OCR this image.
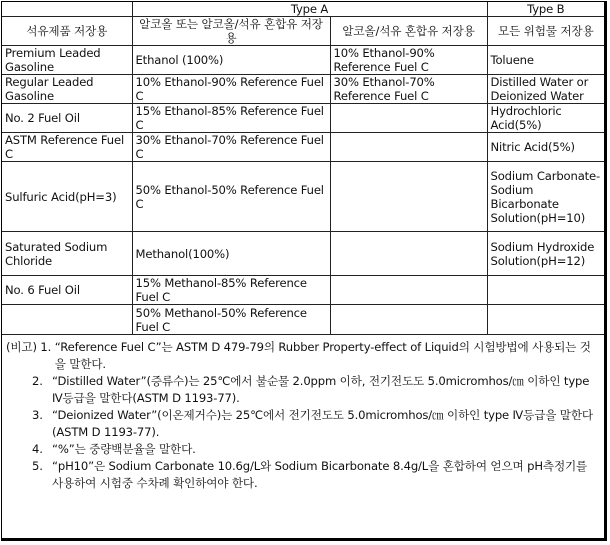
	Type A		Type B
석유제품 저장용	알코올 또는 알코올/석유 혼합유 저장용	알코올/석유 혼합유 저장용	모든 위험물 저장용
Premium Leaded Gasoline	Ethanol (100%)	10% Ethanol-90% Reference Fuel C	Toluene
Regular Leaded Gasoline	10% Ethanol-90% Reference Fuel C	30% Ethanol-70% Reference Fuel C	Distilled Water or Deionized Water
No. 2 Fuel Oil	15% Ethanol-85% Reference Fuel C		Hydrochloric Acid(5%)
ASTM Reference Fuel C	30% Ethanol-70% Reference Fuel C		Nitric Acid(5%)
Sulfuric Acid(pH=3)	50% Ethanol-50% Reference Fuel C		Sodium Carbonate-Sodium Bicarbonate Solution(pH=10)
Saturated Sodium Chloride	Methanol(100%)		Sodium Hydroxide Solution(pH=12)
No. 6 Fuel Oil	15% Methanol-85% Reference Fuel C		
	50% Methanol-50% Reference Fuel C		
(비고) 1. “Reference Fuel C”는 ASTM D 479-79의 Rubber Property-effect of Liquid의 시험방법에 사용되는 것을 말한다.
2. “Distilled Water”(증류수)는 25℃에서 불순물 2.0ppm 이하, 전기전도도 5.0micromhos/㎝ 이하인 type Ⅳ등급을 말한다(ASTM D 1193-77).
3. “Deionized Water”(이온제거수)는 25℃에서 전기전도도 5.0micromhos/㎝ 이하인 type Ⅳ등급을 말한다(ASTM D 1193-77).
4. “%”는 중량백분율을 말한다.
5. “pH10”은 Sodium Carbonate 10.6g/L와 Sodium Bicarbonate 8.4g/L을 혼합하여 얻으며 pH측정기를 사용하여 시험중 수차례 확인하여야 한다.
